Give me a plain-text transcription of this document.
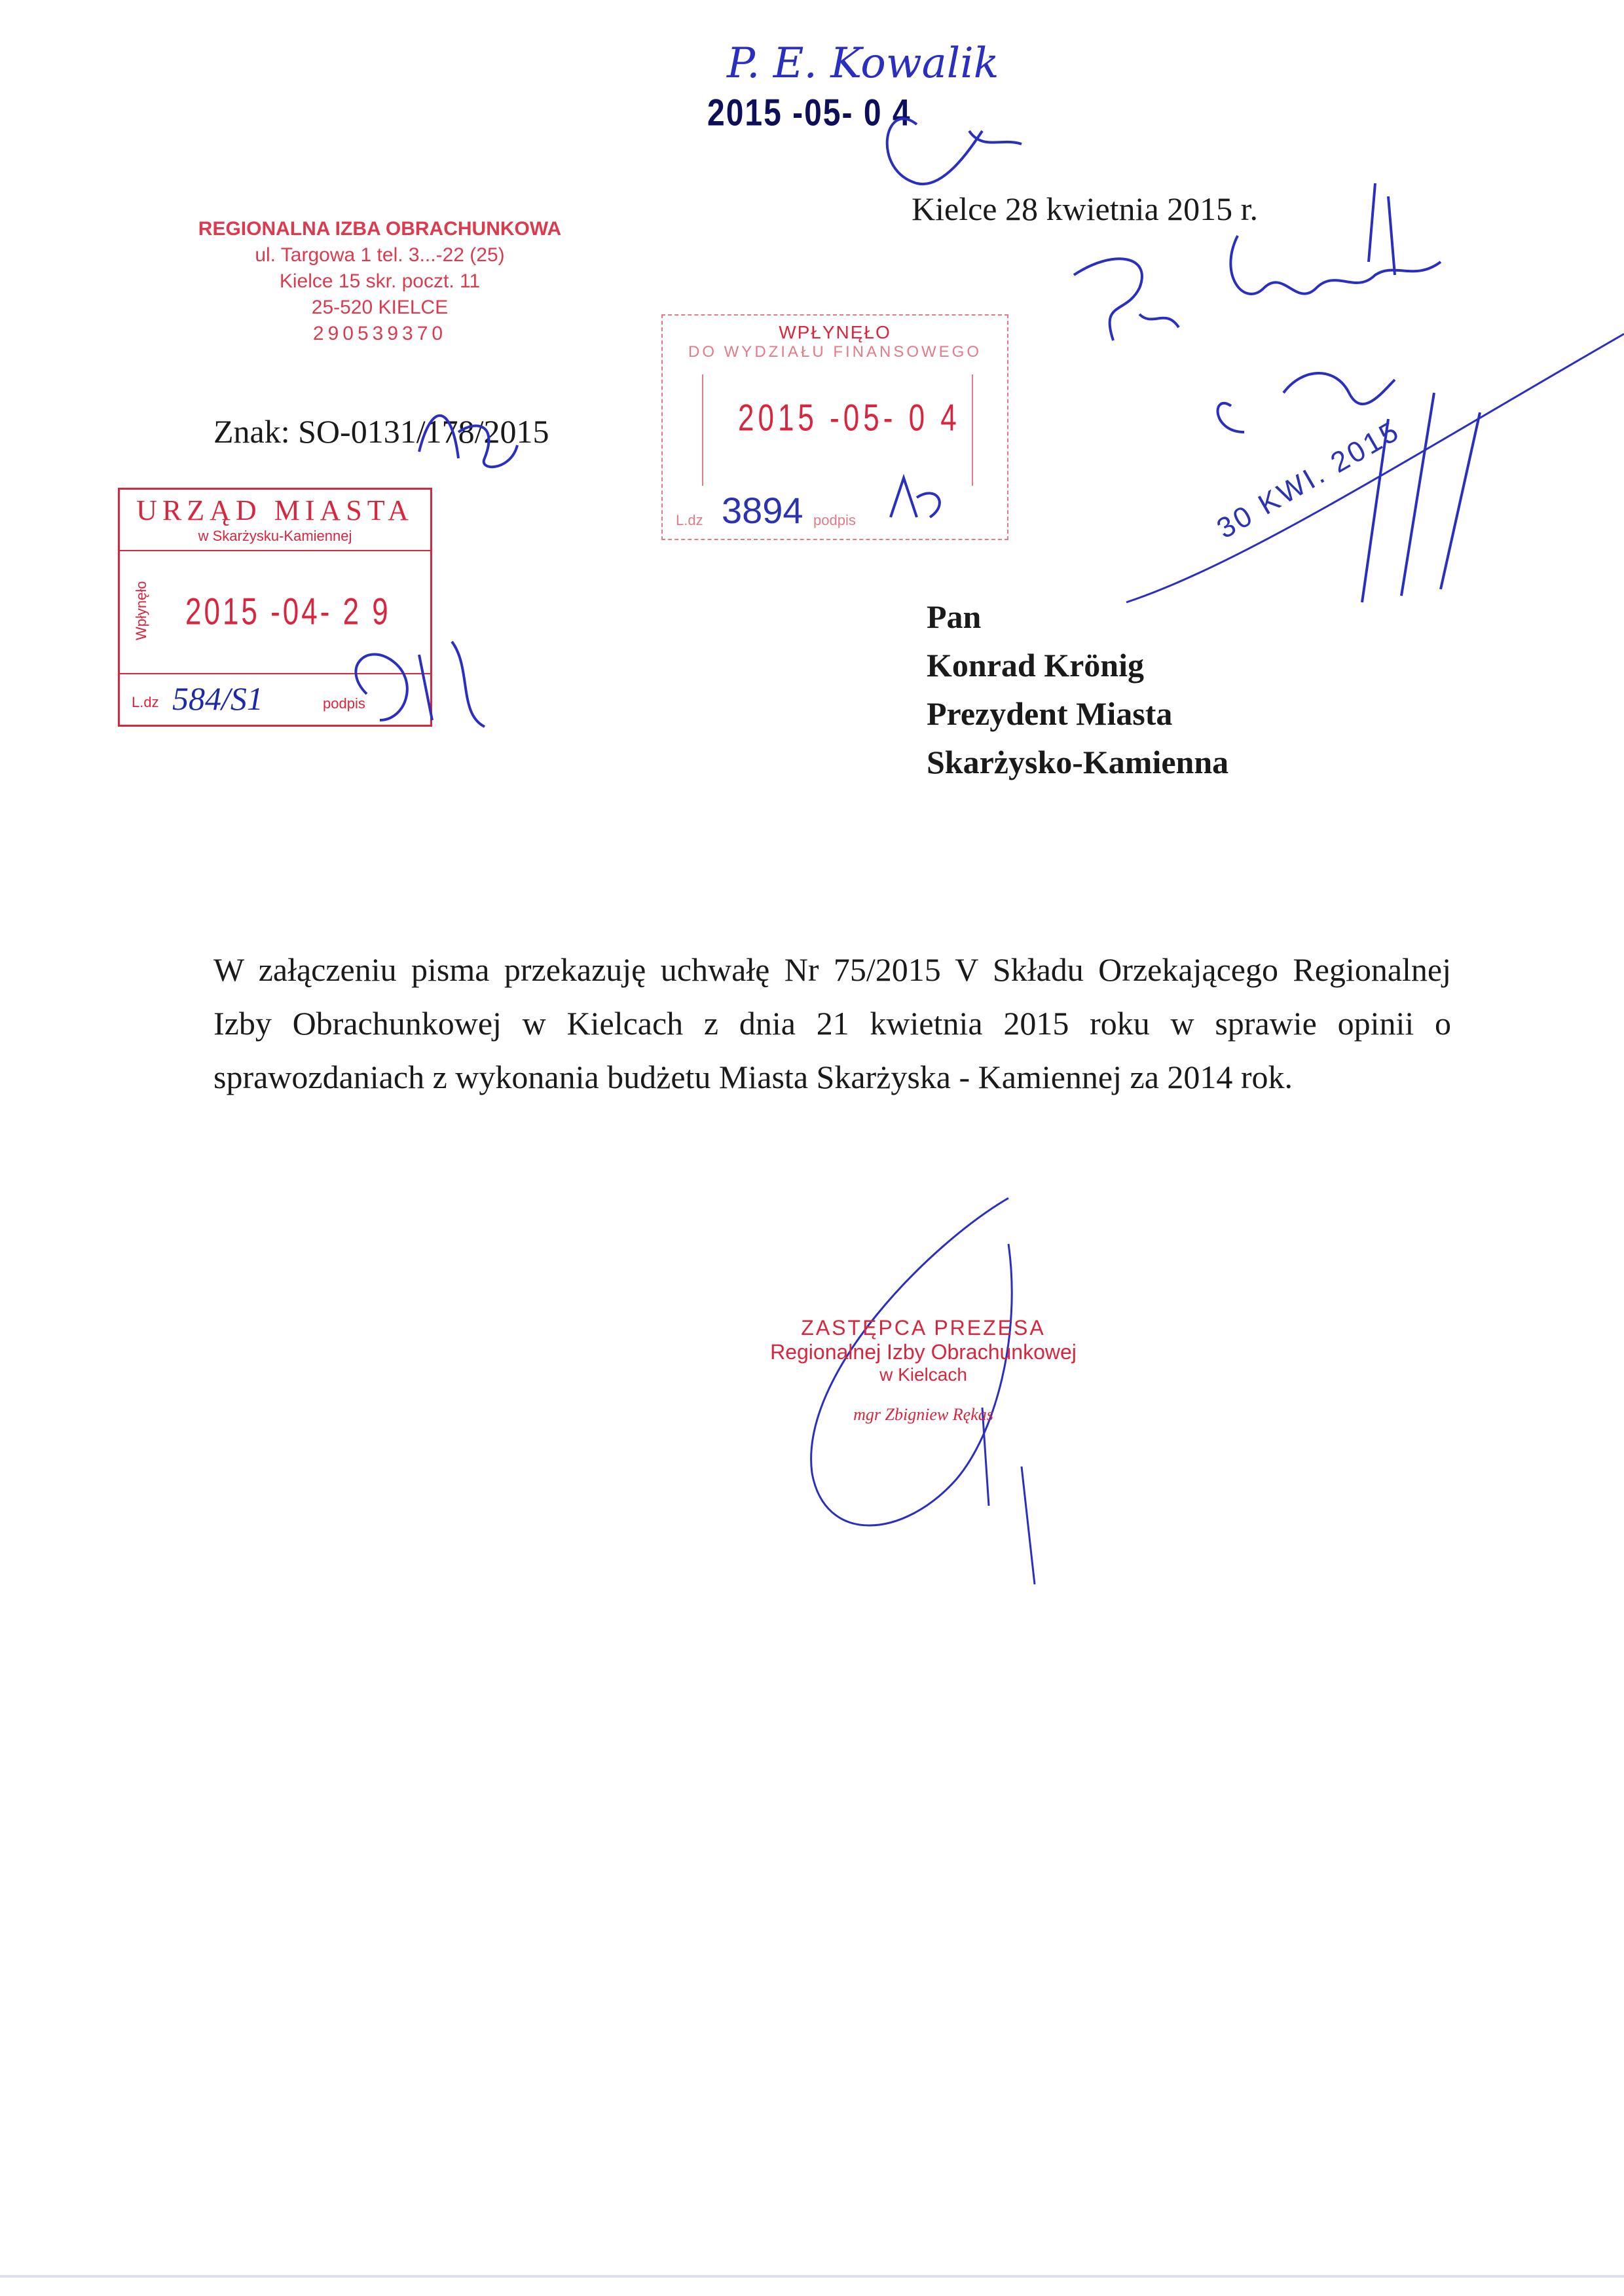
P. E. Kowalik
2015 -05- 0 4
Kielce 28 kwietnia 2015 r.
REGIONALNA IZBA OBRACHUNKOWA
ul. Targowa 1 tel. 3...-22 (25)
Kielce 15 skr. poczt. 11
25-520 KIELCE
290539370
Znak: SO-0131/178/2015
URZĄD MIASTA
w Skarżysku-Kamiennej
Wpłynęło 2015 -04- 2 9
L.dz 584/S1	podpis
WPŁYNĘŁO
DO WYDZIAŁU FINANSOWEGO
2015 -05- 0 4
L.dz 3894 podpis	30 KWI. 2015
Pan
Konrad Krönig
Prezydent Miasta
Skarżysko-Kamienna
W załączeniu pisma przekazuję uchwałę Nr 75/2015 V Składu Orzekającego Regionalnej Izby Obrachunkowej w Kielcach z dnia 21 kwietnia 2015 roku w sprawie opinii o sprawozdaniach z wykonania budżetu Miasta Skarżyska - Kamiennej za 2014 rok.
ZASTĘPCA PREZESA
Regionalnej Izby Obrachunkowej
w Kielcach
mgr Zbigniew Rękas
